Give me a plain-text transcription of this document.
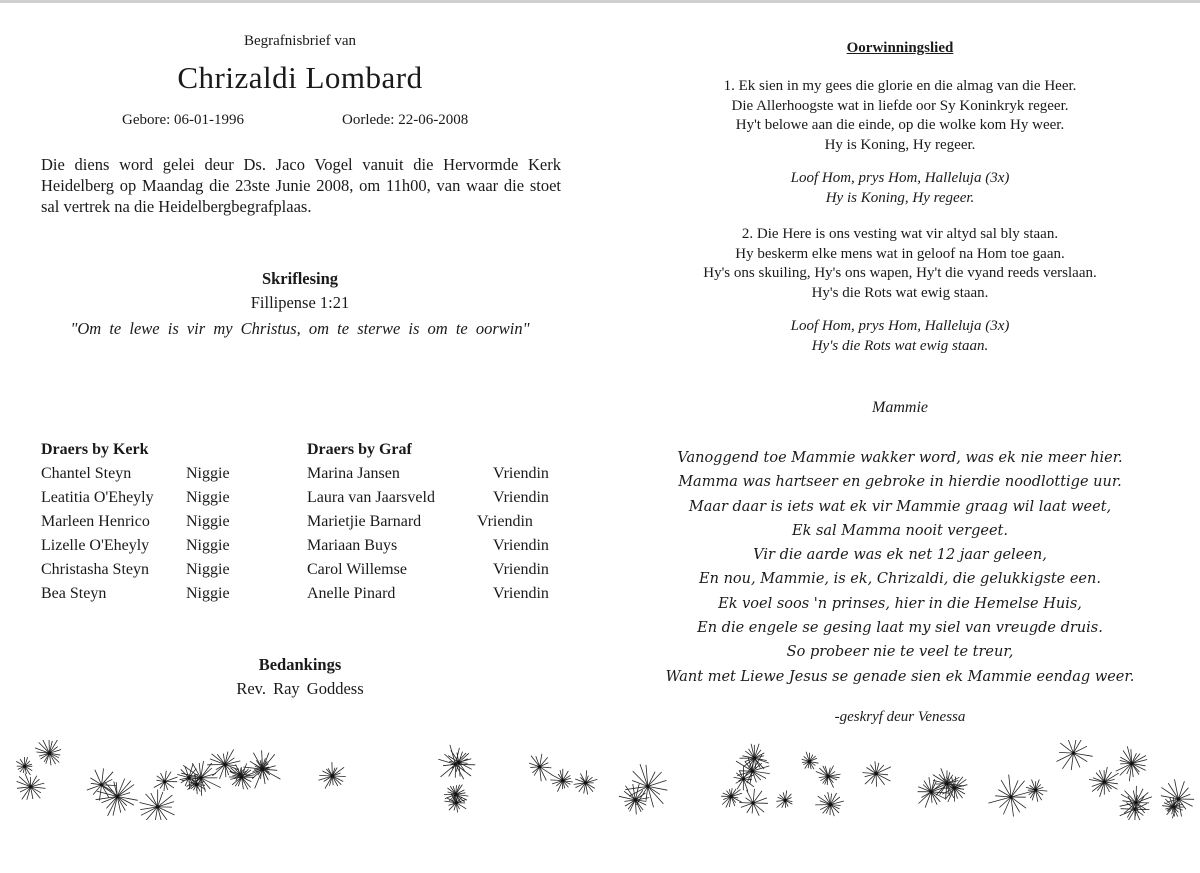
Begrafnisbrief van
Chrizaldi Lombard
Gebore: 06-01-1996	Oorlede: 22-06-2008
Die diens word gelei deur Ds. Jaco Vogel vanuit die Hervormde Kerk Heidelberg op Maandag die 23ste Junie 2008, om 11h00, van waar die stoet sal vertrek na die Heidelbergbegrafplaas.
Skriflesing
Fillipense 1:21
"Om te lewe is vir my Christus, om te sterwe is om te oorwin"
Draers by Kerk
Chantel Steyn	Niggie
Leatitia O'Eheyly Niggie
Marleen Henrico Niggie
Lizelle O'Eheyly Niggie
Christasha Steyn Niggie
Bea Steyn	Niggie
Draers by Graf
Marina Jansen	Vriendin
Laura van Jaarsveld	Vriendin
Marietjie Barnard	Vriendin
Mariaan Buys	Vriendin
Carol Willemse	Vriendin
Anelle Pinard	Vriendin
Bedankings
Rev. Ray Goddess
Oorwinningslied
1. Ek sien in my gees die glorie en die almag van die Heer.
Die Allerhoogste wat in liefde oor Sy Koninkryk regeer.
Hy't belowe aan die einde, op die wolke kom Hy weer.
Hy is Koning, Hy regeer.
Loof Hom, prys Hom, Halleluja (3x)
Hy is Koning, Hy regeer.
2. Die Here is ons vesting wat vir altyd sal bly staan.
Hy beskerm elke mens wat in geloof na Hom toe gaan.
Hy's ons skuiling, Hy's ons wapen, Hy't die vyand reeds verslaan.
Hy's die Rots wat ewig staan.
Loof Hom, prys Hom, Halleluja (3x)
Hy's die Rots wat ewig staan.
Mammie
Vanoggend toe Mammie wakker word, was ek nie meer hier.
Mamma was hartseer en gebroke in hierdie noodlottige uur.
Maar daar is iets wat ek vir Mammie graag wil laat weet,
Ek sal Mamma nooit vergeet.
Vir die aarde was ek net 12 jaar geleen,
En nou, Mammie, is ek, Chrizaldi, die gelukkigste een.
Ek voel soos 'n prinses, hier in die Hemelse Huis,
En die engele se gesing laat my siel van vreugde druis.
So probeer nie te veel te treur,
Want met Liewe Jesus se genade sien ek Mammie eendag weer.
-geskryf deur Venessa
